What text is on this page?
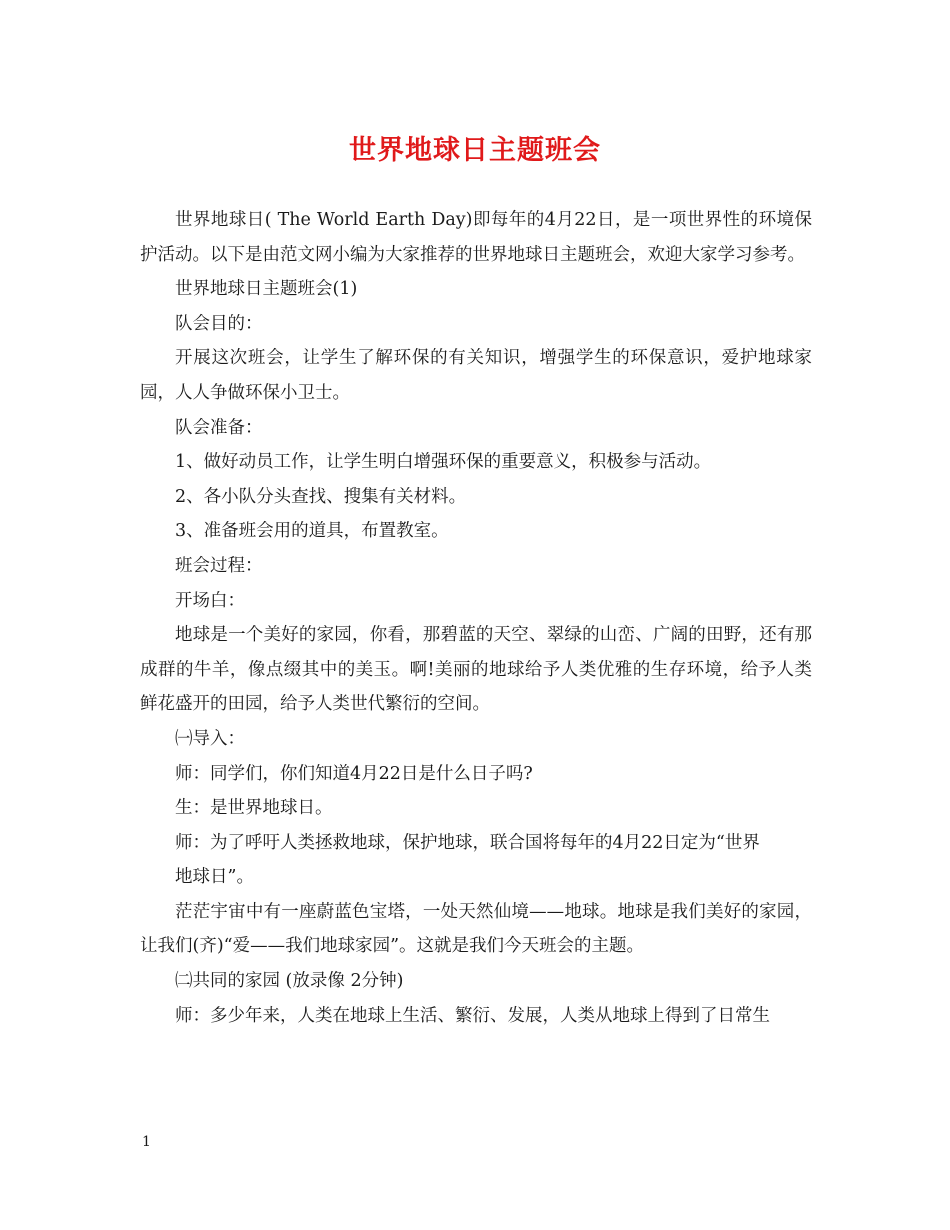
世界地球日主题班会

世界地球日( The World Earth Day)即每年的4月22日，是一项世界性的环境保护活动。以下是由范文网小编为大家推荐的世界地球日主题班会，欢迎大家学习参考。

世界地球日主题班会(1)

队会目的：

开展这次班会，让学生了解环保的有关知识，增强学生的环保意识，爱护地球家园，人人争做环保小卫士。

队会准备：

1、做好动员工作，让学生明白增强环保的重要意义，积极参与活动。

2、各小队分头查找、搜集有关材料。

3、准备班会用的道具，布置教室。

班会过程：

开场白：

地球是一个美好的家园，你看，那碧蓝的天空、翠绿的山峦、广阔的田野，还有那成群的牛羊，像点缀其中的美玉。啊!美丽的地球给予人类优雅的生存环境，给予人类鲜花盛开的田园，给予人类世代繁衍的空间。

㈠导入：

师：同学们，你们知道4月22日是什么日子吗?

生：是世界地球日。

师：为了呼吁人类拯救地球，保护地球，联合国将每年的4月22日定为“世界

地球日”。

茫茫宇宙中有一座蔚蓝色宝塔，一处天然仙境——地球。地球是我们美好的家园，让我们(齐)“爱——我们地球家园”。这就是我们今天班会的主题。

㈡共同的家园 (放录像 2分钟)

师：多少年来，人类在地球上生活、繁衍、发展，人类从地球上得到了日常生

1
